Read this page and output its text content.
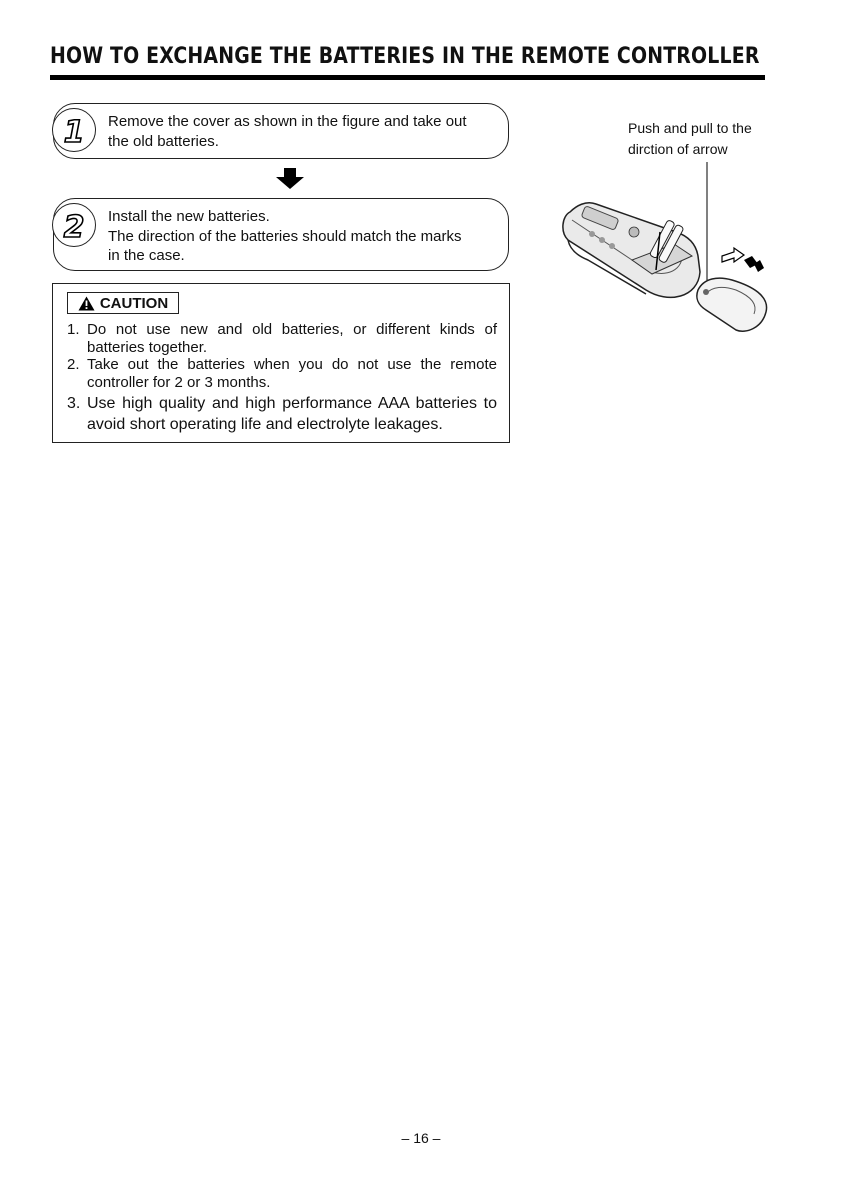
HOW TO EXCHANGE THE BATTERIES IN THE REMOTE CONTROLLER
1 Remove the cover as shown in the figure and take out
the old batteries.
2 Install the new batteries.
The direction of the batteries should match the marks
in the case.
CAUTION
1. Do not use new and old batteries, or different kinds of batteries together.
2. Take out the batteries when you do not use the remote controller for 2 or 3 months.
3. Use high quality and high performance AAA batteries to avoid short operating life and electrolyte leakages.
Push and pull to the
dirction of arrow
– 16 –
